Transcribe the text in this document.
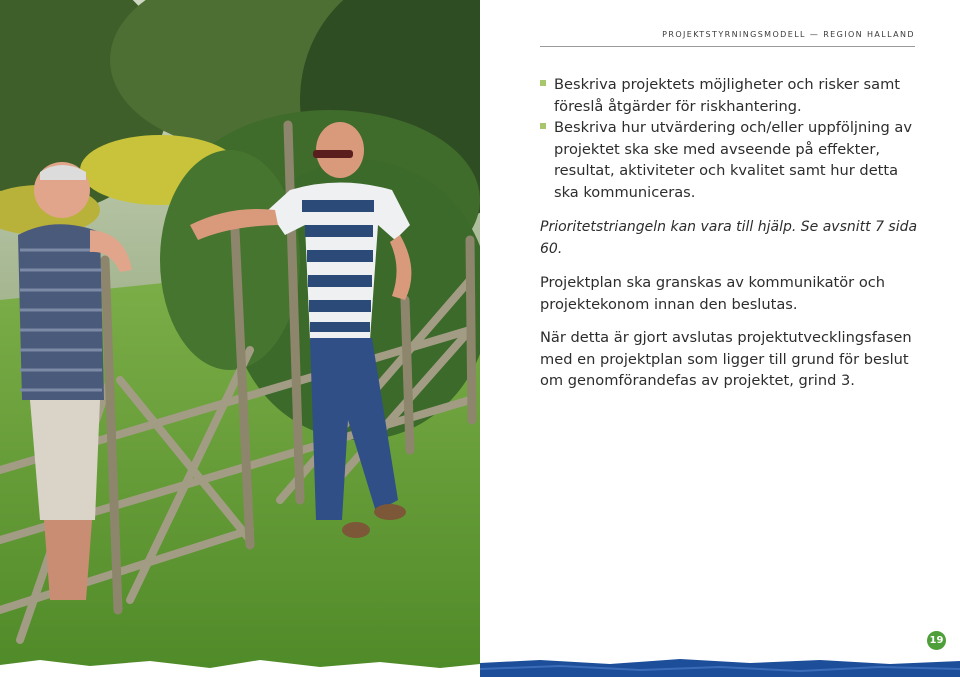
PROJEKTSTYRNINGSMODELL — REGION HALLAND
Beskriva projektets möjligheter och risker samt föreslå åtgärder för riskhantering.
Beskriva hur utvärdering och/eller uppföljning av projektet ska ske med avseende på effekter, resultat, aktiviteter och kvalitet samt hur detta ska kommuniceras.
Prioritetstriangeln kan vara till hjälp. Se avsnitt 7 sida 60.
Projektplan ska granskas av kommunikatör och projektekonom innan den beslutas.
När detta är gjort avslutas projektutvecklingsfasen med en projektplan som ligger till grund för beslut om genomförandefas av projektet, grind 3.
19
